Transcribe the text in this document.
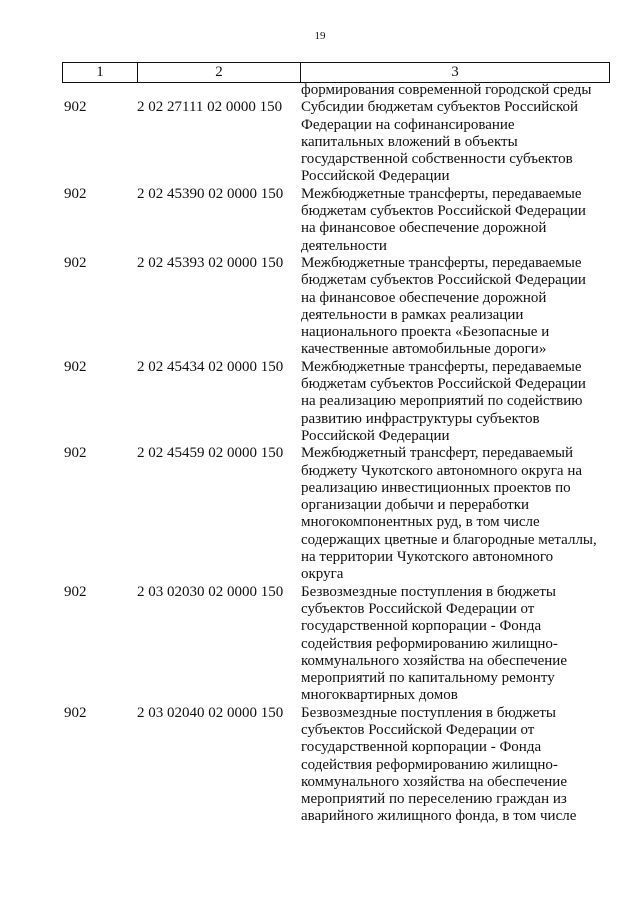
19
1	2	3
формирования современной городской среды
902	2 02 27111 02 0000 150 Субсидии бюджетам субъектов Российской
Федерации на софинансирование
капитальных вложений в объекты
государственной собственности субъектов
Российской Федерации
902	2 02 45390 02 0000 150 Межбюджетные трансферты, передаваемые
бюджетам субъектов Российской Федерации
на финансовое обеспечение дорожной
деятельности
902	2 02 45393 02 0000 150 Межбюджетные трансферты, передаваемые
бюджетам субъектов Российской Федерации
на финансовое обеспечение дорожной
деятельности в рамках реализации
национального проекта «Безопасные и
качественные автомобильные дороги»
902	2 02 45434 02 0000 150 Межбюджетные трансферты, передаваемые
бюджетам субъектов Российской Федерации
на реализацию мероприятий по содействию
развитию инфраструктуры субъектов
Российской Федерации
902	2 02 45459 02 0000 150 Межбюджетный трансферт, передаваемый
бюджету Чукотского автономного округа на
реализацию инвестиционных проектов по
организации добычи и переработки
многокомпонентных руд, в том числе
содержащих цветные и благородные металлы,
на территории Чукотского автономного
округа
902	2 03 02030 02 0000 150 Безвозмездные поступления в бюджеты
субъектов Российской Федерации от
государственной корпорации - Фонда
содействия реформированию жилищно-
коммунального хозяйства на обеспечение
мероприятий по капитальному ремонту
многоквартирных домов
902	2 03 02040 02 0000 150 Безвозмездные поступления в бюджеты
субъектов Российской Федерации от
государственной корпорации - Фонда
содействия реформированию жилищно-
коммунального хозяйства на обеспечение
мероприятий по переселению граждан из
аварийного жилищного фонда, в том числе
